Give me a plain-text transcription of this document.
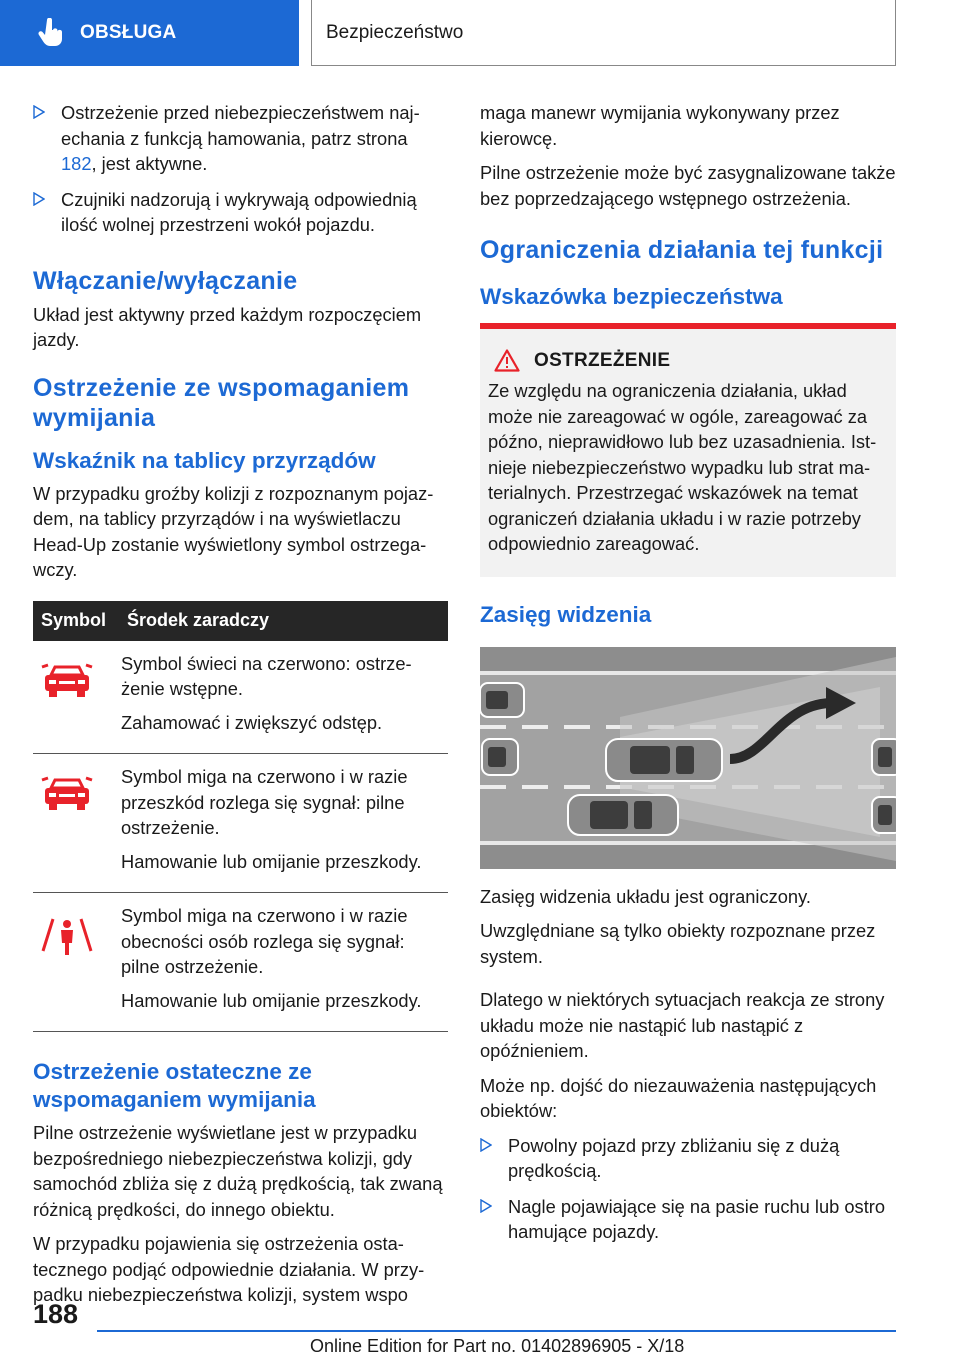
OBSŁUGA	Bezpieczeństwo
Ostrzeżenie przed niebezpieczeństwem najechania z funkcją hamowania, patrz strona 182, jest aktywne.
Czujniki nadzorują i wykrywają odpowiednią ilość wolnej przestrzeni wokół pojazdu.
Włączanie/wyłączanie

Układ jest aktywny przed każdym rozpoczęciem jazdy.

Ostrzeżenie ze wspomaganiem wymijania
Wskaźnik na tablicy przyrządów

W przypadku groźby kolizji z rozpoznanym pojazdem, na tablicy przyrządów i na wyświetlaczu Head-Up zostanie wyświetlony symbol ostrzegawczy.

Symbol	Środek zaradczy

Symbol świeci na czerwono: ostrzeżenie wstępne.

Zahamować i zwiększyć odstęp.

Symbol miga na czerwono i w razie przeszkód rozlega się sygnał: pilne ostrzeżenie.

Hamowanie lub omijanie przeszkody.

Symbol miga na czerwono i w razie obecności osób rozlega się sygnał: pilne ostrzeżenie.

Hamowanie lub omijanie przeszkody.

Ostrzeżenie ostateczne ze wspomaganiem wymijania

Pilne ostrzeżenie wyświetlane jest w przypadku bezpośredniego niebezpieczeństwa kolizji, gdy samochód zbliża się z dużą prędkością, tak zwaną różnicą prędkości, do innego obiektu.

W przypadku pojawienia się ostrzeżenia ostatecznego podjąć odpowiednie działania. W przypadku niebezpieczeństwa kolizji, system wspo

maga manewr wymijania wykonywany przez kierowcę.

Pilne ostrzeżenie może być zasygnalizowane także bez poprzedzającego wstępnego ostrzeżenia.

Ograniczenia działania tej funkcji
Wskazówka bezpieczeństwa
OSTRZEŻENIE

Ze względu na ograniczenia działania, układ może nie zareagować w ogóle, zareagować za późno, nieprawidłowo lub bez uzasadnienia. Istnieje niebezpieczeństwo wypadku lub strat materialnych. Przestrzegać wskazówek na temat ograniczeń działania układu i w razie potrzeby odpowiednio zareagować.

Zasięg widzenia

Zasięg widzenia układu jest ograniczony.

Uwzględniane są tylko obiekty rozpoznane przez system.

Dlatego w niektórych sytuacjach reakcja ze strony układu może nie nastąpić lub nastąpić z opóźnieniem.

Może np. dojść do niezauważenia następujących obiektów:

Powolny pojazd przy zbliżaniu się z dużą prędkością.
Nagle pojawiające się na pasie ruchu lub ostro hamujące pojazdy.
188
Online Edition for Part no. 01402896905 - X/18
